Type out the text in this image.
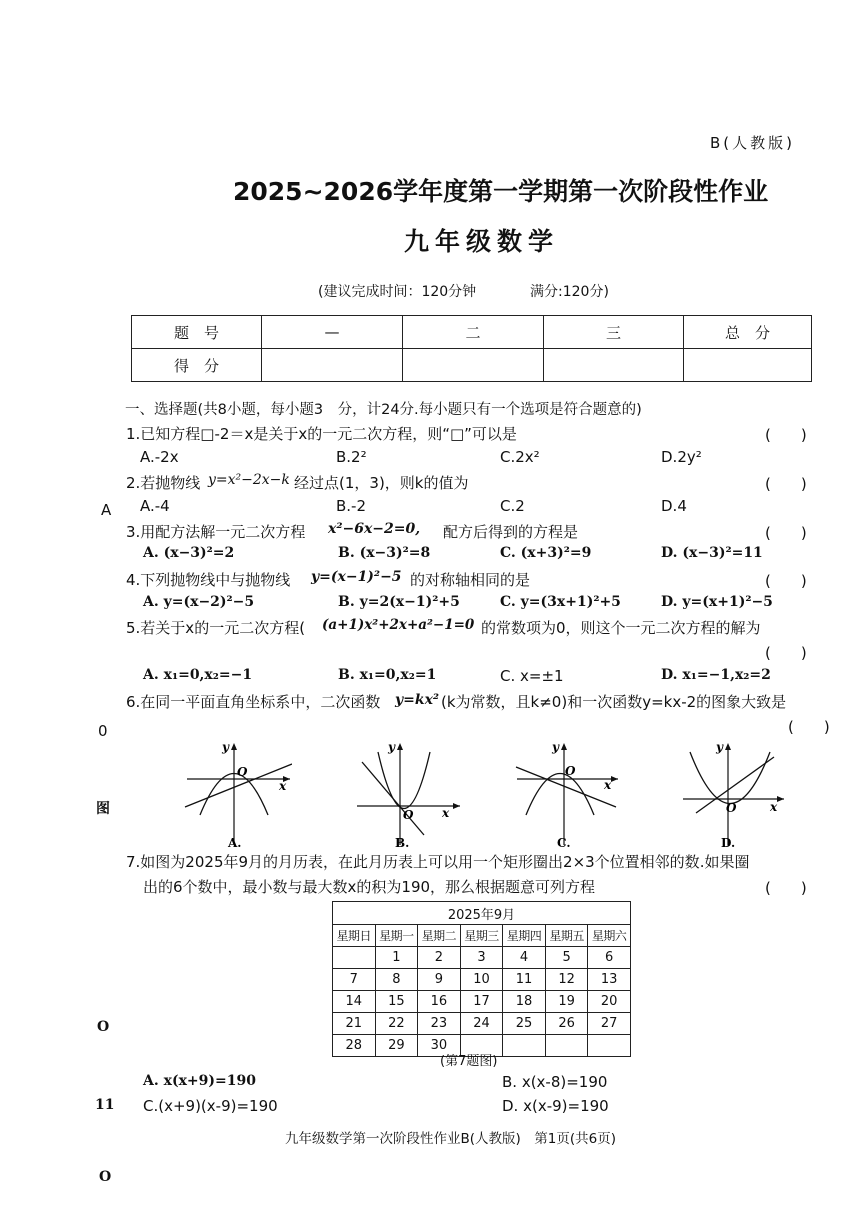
B(人教版)
2025~2026学年度第一学期第一次阶段性作业
九年级数学
(建议完成时间：120分钟	满分:120分)
题　号	—	二	三	总　分
得　分				
A
0
图
O
11
O
一、选择题(共8小题，每小题3　分，计24分.每小题只有一个选项是符合题意的)
1.已知方程□-2＝x是关于x的一元二次方程，则“□”可以是	(　　)
A.-2x	B.2²	C.2x²	D.2y²
2.若抛物线 y=x²−2x−k 经过点(1，3)，则k的值为	(　　)
A.-4	B.-2	C.2	D.4
3.用配方法解一元二次方程 x²−6x−2=0, 配方后得到的方程是	(　　)
A. (x−3)²=2	B. (x−3)²=8	C. (x+3)²=9	D. (x−3)²=11
4.下列抛物线中与抛物线 y=(x−1)²−5 的对称轴相同的是	(　　)
A. y=(x−2)²−5	B. y=2(x−1)²+5	C. y=(3x+1)²+5	D. y=(x+1)²−5
5.若关于x的一元二次方程( (a+1)x²+2x+a²−1=0 的常数项为0，则这个一元二次方程的解为
(　　)
A. x₁=0,x₂=−1	B. x₁=0,x₂=1	C. x=±1	D. x₁=−1,x₂=2
6.在同一平面直角坐标系中，二次函数 y=kx² (k为常数，且k≠0)和一次函数y=kx-2的图象大致是
(　　)
y
x
O
A.
y
x
O
B.
y
x
O
C.
y
x
O
D.
7.如图为2025年9月的月历表，在此月历表上可以用一个矩形圈出2×3个位置相邻的数.如果圈
出的6个数中，最小数与最大数x的积为190，那么根据题意可列方程	(　　)
2025年9月						
星期日	星期一	星期二	星期三	星期四	星期五	星期六
	1	2	3	4	5	6
7	8	9	10	11	12	13
14	15	16	17	18	19	20
21	22	23	24	25	26	27
28	29	30				
(第7题图)
A. x(x+9)=190	B. x(x-8)=190
C.(x+9)(x-9)=190	D. x(x-9)=190
九年级数学第一次阶段性作业B(人教版)　第1页(共6页)
